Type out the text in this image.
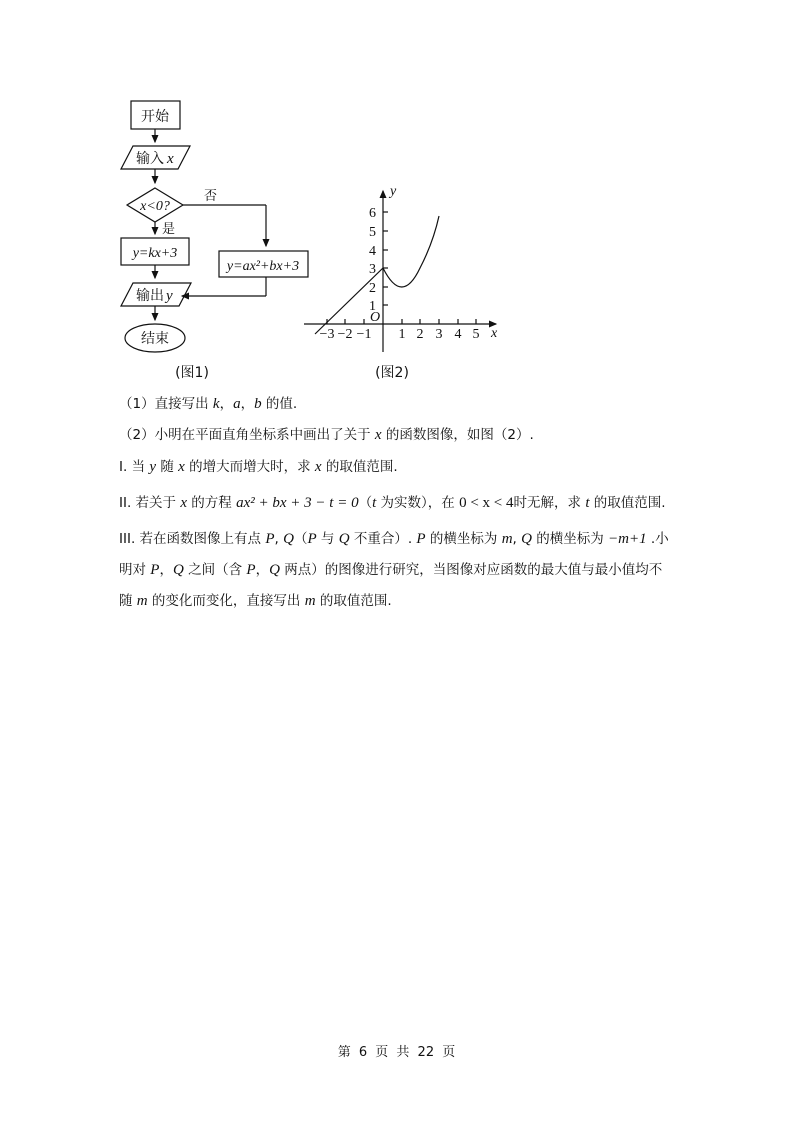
开始
输入 x
x<0?
否
是
y=kx+3
y=ax²+bx+3
输出 y
结束
(图1)
y
x
O
−3 −2 −1 1 2 3 4 5
1
2
3
4
5
6
(图2)
（1）直接写出 k，a，b 的值.
（2）小明在平面直角坐标系中画出了关于 x 的函数图像，如图（2）.
I. 当 y 随 x 的增大而增大时，求 x 的取值范围.
II. 若关于 x 的方程 ax² + bx + 3 − t = 0（t 为实数），在 0 < x < 4时无解，求 t 的取值范围.
III. 若在函数图像上有点 P, Q（P 与 Q 不重合）. P 的横坐标为 m, Q 的横坐标为 −m+1 .小
明对 P，Q 之间（含 P，Q 两点）的图像进行研究，当图像对应函数的最大值与最小值均不
随 m 的变化而变化，直接写出 m 的取值范围.
第 6 页 共 22 页
